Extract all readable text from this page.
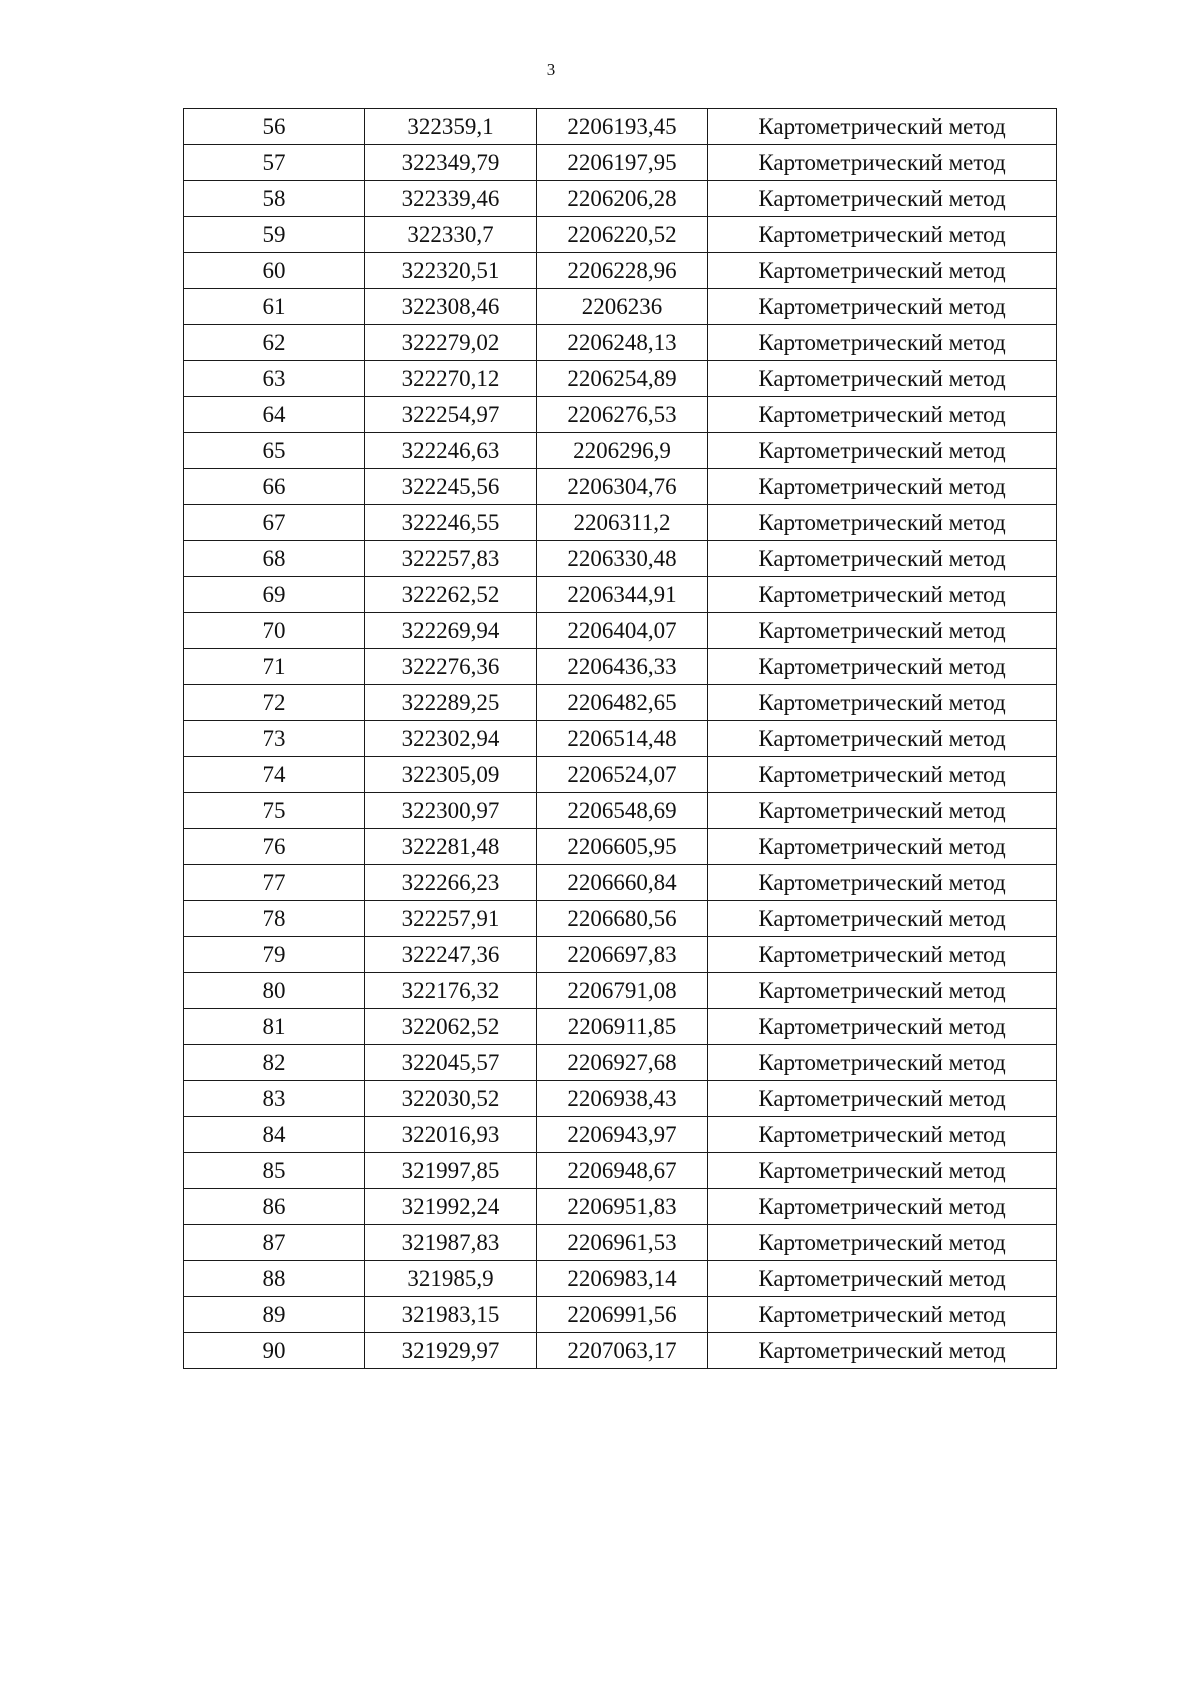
3
56	322359,1	2206193,45	Картометрический метод
57	322349,79	2206197,95	Картометрический метод
58	322339,46	2206206,28	Картометрический метод
59	322330,7	2206220,52	Картометрический метод
60	322320,51	2206228,96	Картометрический метод
61	322308,46	2206236	Картометрический метод
62	322279,02	2206248,13	Картометрический метод
63	322270,12	2206254,89	Картометрический метод
64	322254,97	2206276,53	Картометрический метод
65	322246,63	2206296,9	Картометрический метод
66	322245,56	2206304,76	Картометрический метод
67	322246,55	2206311,2	Картометрический метод
68	322257,83	2206330,48	Картометрический метод
69	322262,52	2206344,91	Картометрический метод
70	322269,94	2206404,07	Картометрический метод
71	322276,36	2206436,33	Картометрический метод
72	322289,25	2206482,65	Картометрический метод
73	322302,94	2206514,48	Картометрический метод
74	322305,09	2206524,07	Картометрический метод
75	322300,97	2206548,69	Картометрический метод
76	322281,48	2206605,95	Картометрический метод
77	322266,23	2206660,84	Картометрический метод
78	322257,91	2206680,56	Картометрический метод
79	322247,36	2206697,83	Картометрический метод
80	322176,32	2206791,08	Картометрический метод
81	322062,52	2206911,85	Картометрический метод
82	322045,57	2206927,68	Картометрический метод
83	322030,52	2206938,43	Картометрический метод
84	322016,93	2206943,97	Картометрический метод
85	321997,85	2206948,67	Картометрический метод
86	321992,24	2206951,83	Картометрический метод
87	321987,83	2206961,53	Картометрический метод
88	321985,9	2206983,14	Картометрический метод
89	321983,15	2206991,56	Картометрический метод
90	321929,97	2207063,17	Картометрический метод
